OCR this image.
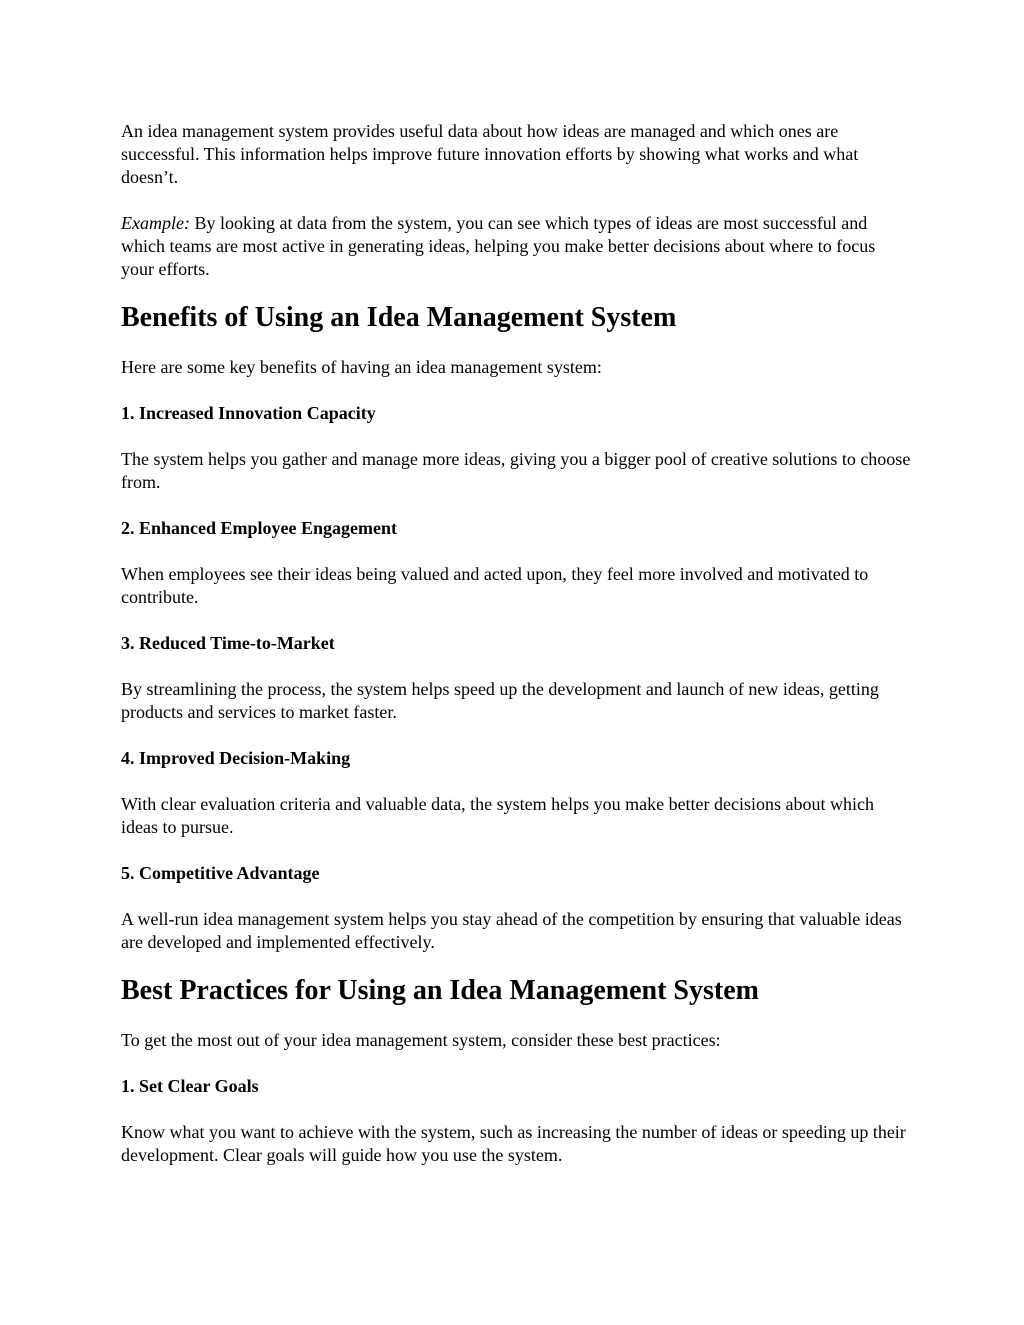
An idea management system provides useful data about how ideas are managed and which ones are successful. This information helps improve future innovation efforts by showing what works and what doesn’t.

Example: By looking at data from the system, you can see which types of ideas are most successful and which teams are most active in generating ideas, helping you make better decisions about where to focus your efforts.

Benefits of Using an Idea Management System

Here are some key benefits of having an idea management system:

1. Increased Innovation Capacity

The system helps you gather and manage more ideas, giving you a bigger pool of creative solutions to choose from.

2. Enhanced Employee Engagement

When employees see their ideas being valued and acted upon, they feel more involved and motivated to contribute.

3. Reduced Time-to-Market

By streamlining the process, the system helps speed up the development and launch of new ideas, getting products and services to market faster.

4. Improved Decision-Making

With clear evaluation criteria and valuable data, the system helps you make better decisions about which ideas to pursue.

5. Competitive Advantage

A well-run idea management system helps you stay ahead of the competition by ensuring that valuable ideas are developed and implemented effectively.

Best Practices for Using an Idea Management System

To get the most out of your idea management system, consider these best practices:

1. Set Clear Goals

Know what you want to achieve with the system, such as increasing the number of ideas or speeding up their development. Clear goals will guide how you use the system.
